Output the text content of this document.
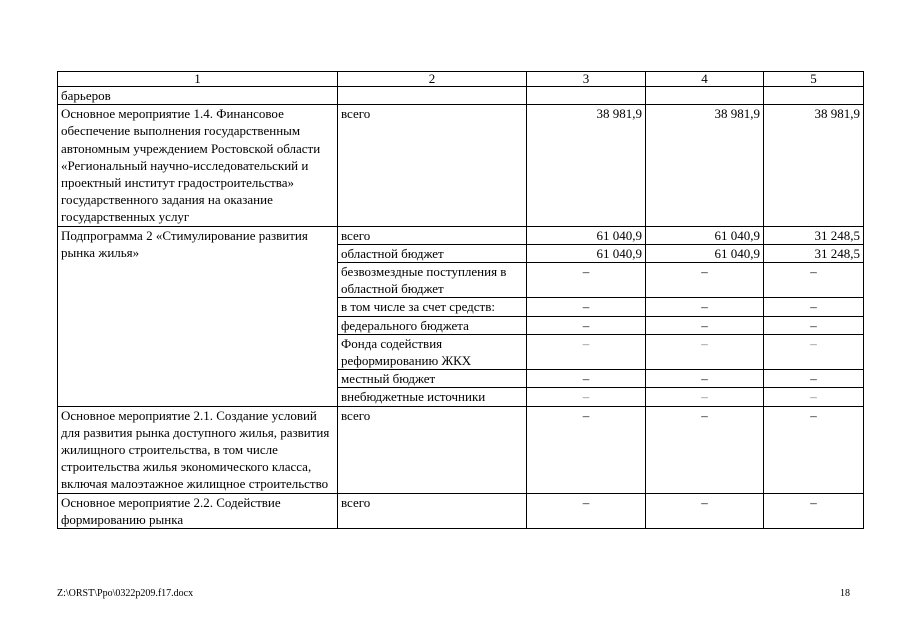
1	2	3	4	5
барьеров				
Основное мероприятие 1.4. Финансовое обеспечение выполнения государственным автономным учреждением Ростовской области «Региональный научно-исследовательский и проектный институт градостроительства» государственного задания на оказание государственных услуг	всего	38 981,9	38 981,9	38 981,9
Подпрограмма 2 «Стимулирование развития рынка жилья»	всего	61 040,9	61 040,9	31 248,5
	областной бюджет	61 040,9	61 040,9	31 248,5
	безвозмездные поступления в областной бюджет	–	–	–
	в том числе за счет средств:	–	–	–
	федерального бюджета	–	–	–
	Фонда содействия реформированию ЖКХ	–	–	–
	местный бюджет	–	–	–
	внебюджетные источники	–	–	–
Основное мероприятие 2.1. Создание условий для развития рынка доступного жилья, развития жилищного строительства, в том числе строительства жилья экономического класса, включая малоэтажное жилищное строительство	всего	–	–	–
Основное мероприятие 2.2. Содействие формированию рынка	всего	–	–	–
Z:\ORST\Ppo\0322p209.f17.docx	18
